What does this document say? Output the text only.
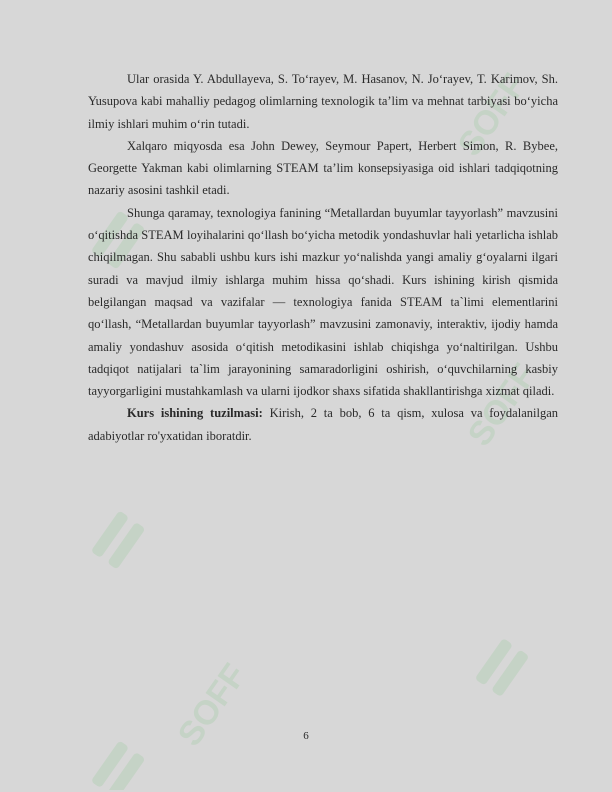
SOFF
SOFF
SOFF

Ular orasida Y. Abdullayeva, S. To‘rayev, M. Hasanov, N. Jo‘rayev, T. Karimov, Sh. Yusupova kabi mahalliy pedagog olimlarning texnologik ta’lim va mehnat tarbiyasi bo‘yicha ilmiy ishlari muhim o‘rin tutadi.

Xalqaro miqyosda esa John Dewey, Seymour Papert, Herbert Simon, R. Bybee, Georgette Yakman kabi olimlarning STEAM ta’lim konsepsiyasiga oid ishlari tadqiqotning nazariy asosini tashkil etadi.

Shunga qaramay, texnologiya fanining “Metallardan buyumlar tayyorlash” mavzusini o‘qitishda STEAM loyihalarini qo‘llash bo‘yicha metodik yondashuvlar hali yetarlicha ishlab chiqilmagan. Shu sababli ushbu kurs ishi mazkur yo‘nalishda yangi amaliy g‘oyalarni ilgari suradi va mavjud ilmiy ishlarga muhim hissa qo‘shadi. Kurs ishining kirish qismida belgilangan maqsad va vazifalar — texnologiya fanida STEAM ta`limi elementlarini qo‘llash, “Metallardan buyumlar tayyorlash” mavzusini zamonaviy, interaktiv, ijodiy hamda amaliy yondashuv asosida o‘qitish metodikasini ishlab chiqishga yo‘naltirilgan. Ushbu tadqiqot natijalari ta`lim jarayonining samaradorligini oshirish, o‘quvchilarning kasbiy tayyorgarligini mustahkamlash va ularni ijodkor shaxs sifatida shakllantirishga xizmat qiladi.

Kurs ishining tuzilmasi: Kirish, 2 ta bob, 6 ta qism, xulosa va foydalanilgan adabiyotlar ro'yxatidan iboratdir.

6
